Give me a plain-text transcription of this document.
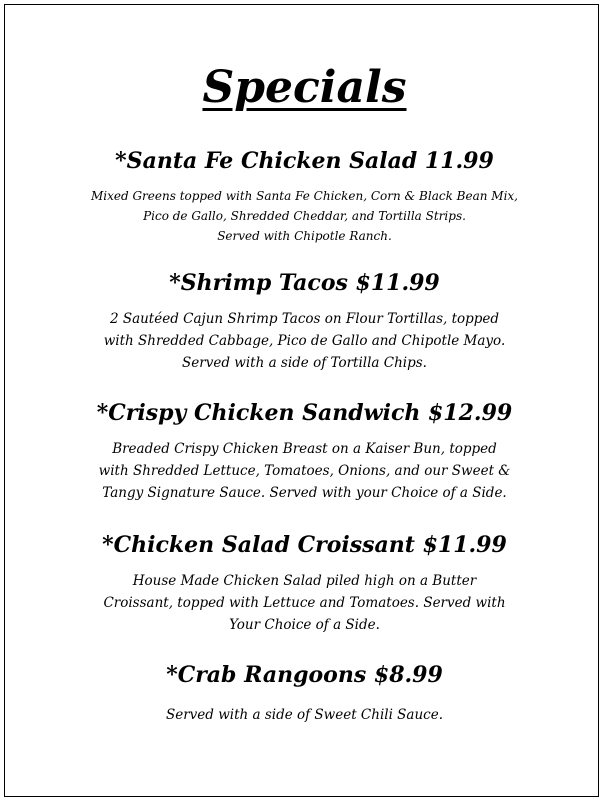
Specials
*Santa Fe Chicken Salad 11.99
Mixed Greens topped with Santa Fe Chicken, Corn & Black Bean Mix,
Pico de Gallo, Shredded Cheddar, and Tortilla Strips.
Served with Chipotle Ranch.
*Shrimp Tacos $11.99
2 Sautéed Cajun Shrimp Tacos on Flour Tortillas, topped
with Shredded Cabbage, Pico de Gallo and Chipotle Mayo.
Served with a side of Tortilla Chips.
*Crispy Chicken Sandwich $12.99
Breaded Crispy Chicken Breast on a Kaiser Bun, topped
with Shredded Lettuce, Tomatoes, Onions, and our Sweet &
Tangy Signature Sauce. Served with your Choice of a Side.
*Chicken Salad Croissant $11.99
House Made Chicken Salad piled high on a Butter
Croissant, topped with Lettuce and Tomatoes. Served with
Your Choice of a Side.
*Crab Rangoons $8.99
Served with a side of Sweet Chili Sauce.
